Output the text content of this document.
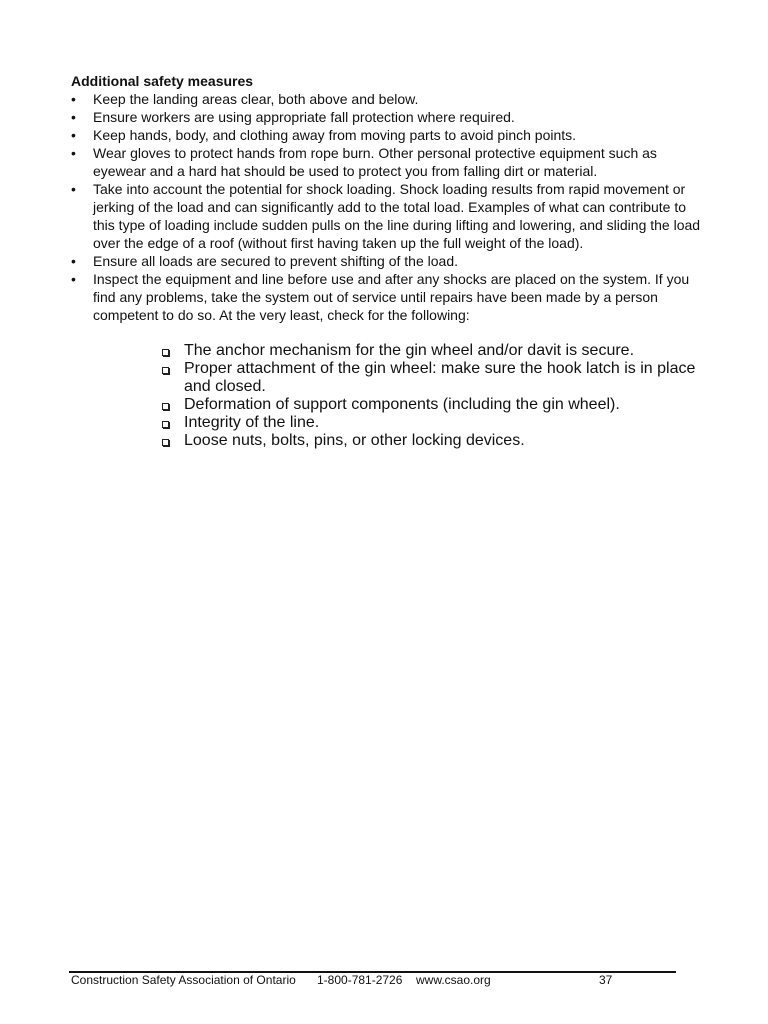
Additional safety measures
• Keep the landing areas clear, both above and below.
• Ensure workers are using appropriate fall protection where required.
• Keep hands, body, and clothing away from moving parts to avoid pinch points.
• Wear gloves to protect hands from rope burn. Other personal protective equipment such as eyewear and a hard hat should be used to protect you from falling dirt or material.
• Take into account the potential for shock loading. Shock loading results from rapid movement or jerking of the load and can significantly add to the total load. Examples of what can contribute to this type of loading include sudden pulls on the line during lifting and lowering, and sliding the load over the edge of a roof (without first having taken up the full weight of the load).
• Ensure all loads are secured to prevent shifting of the load.
• Inspect the equipment and line before use and after any shocks are placed on the system. If you find any problems, take the system out of service until repairs have been made by a person competent to do so. At the very least, check for the following:
The anchor mechanism for the gin wheel and/or davit is secure.
Proper attachment of the gin wheel: make sure the hook latch is in place and closed.
Deformation of support components (including the gin wheel).
Integrity of the line.
Loose nuts, bolts, pins, or other locking devices.
Construction Safety Association of Ontario 1-800-781-2726 www.csao.org	37
